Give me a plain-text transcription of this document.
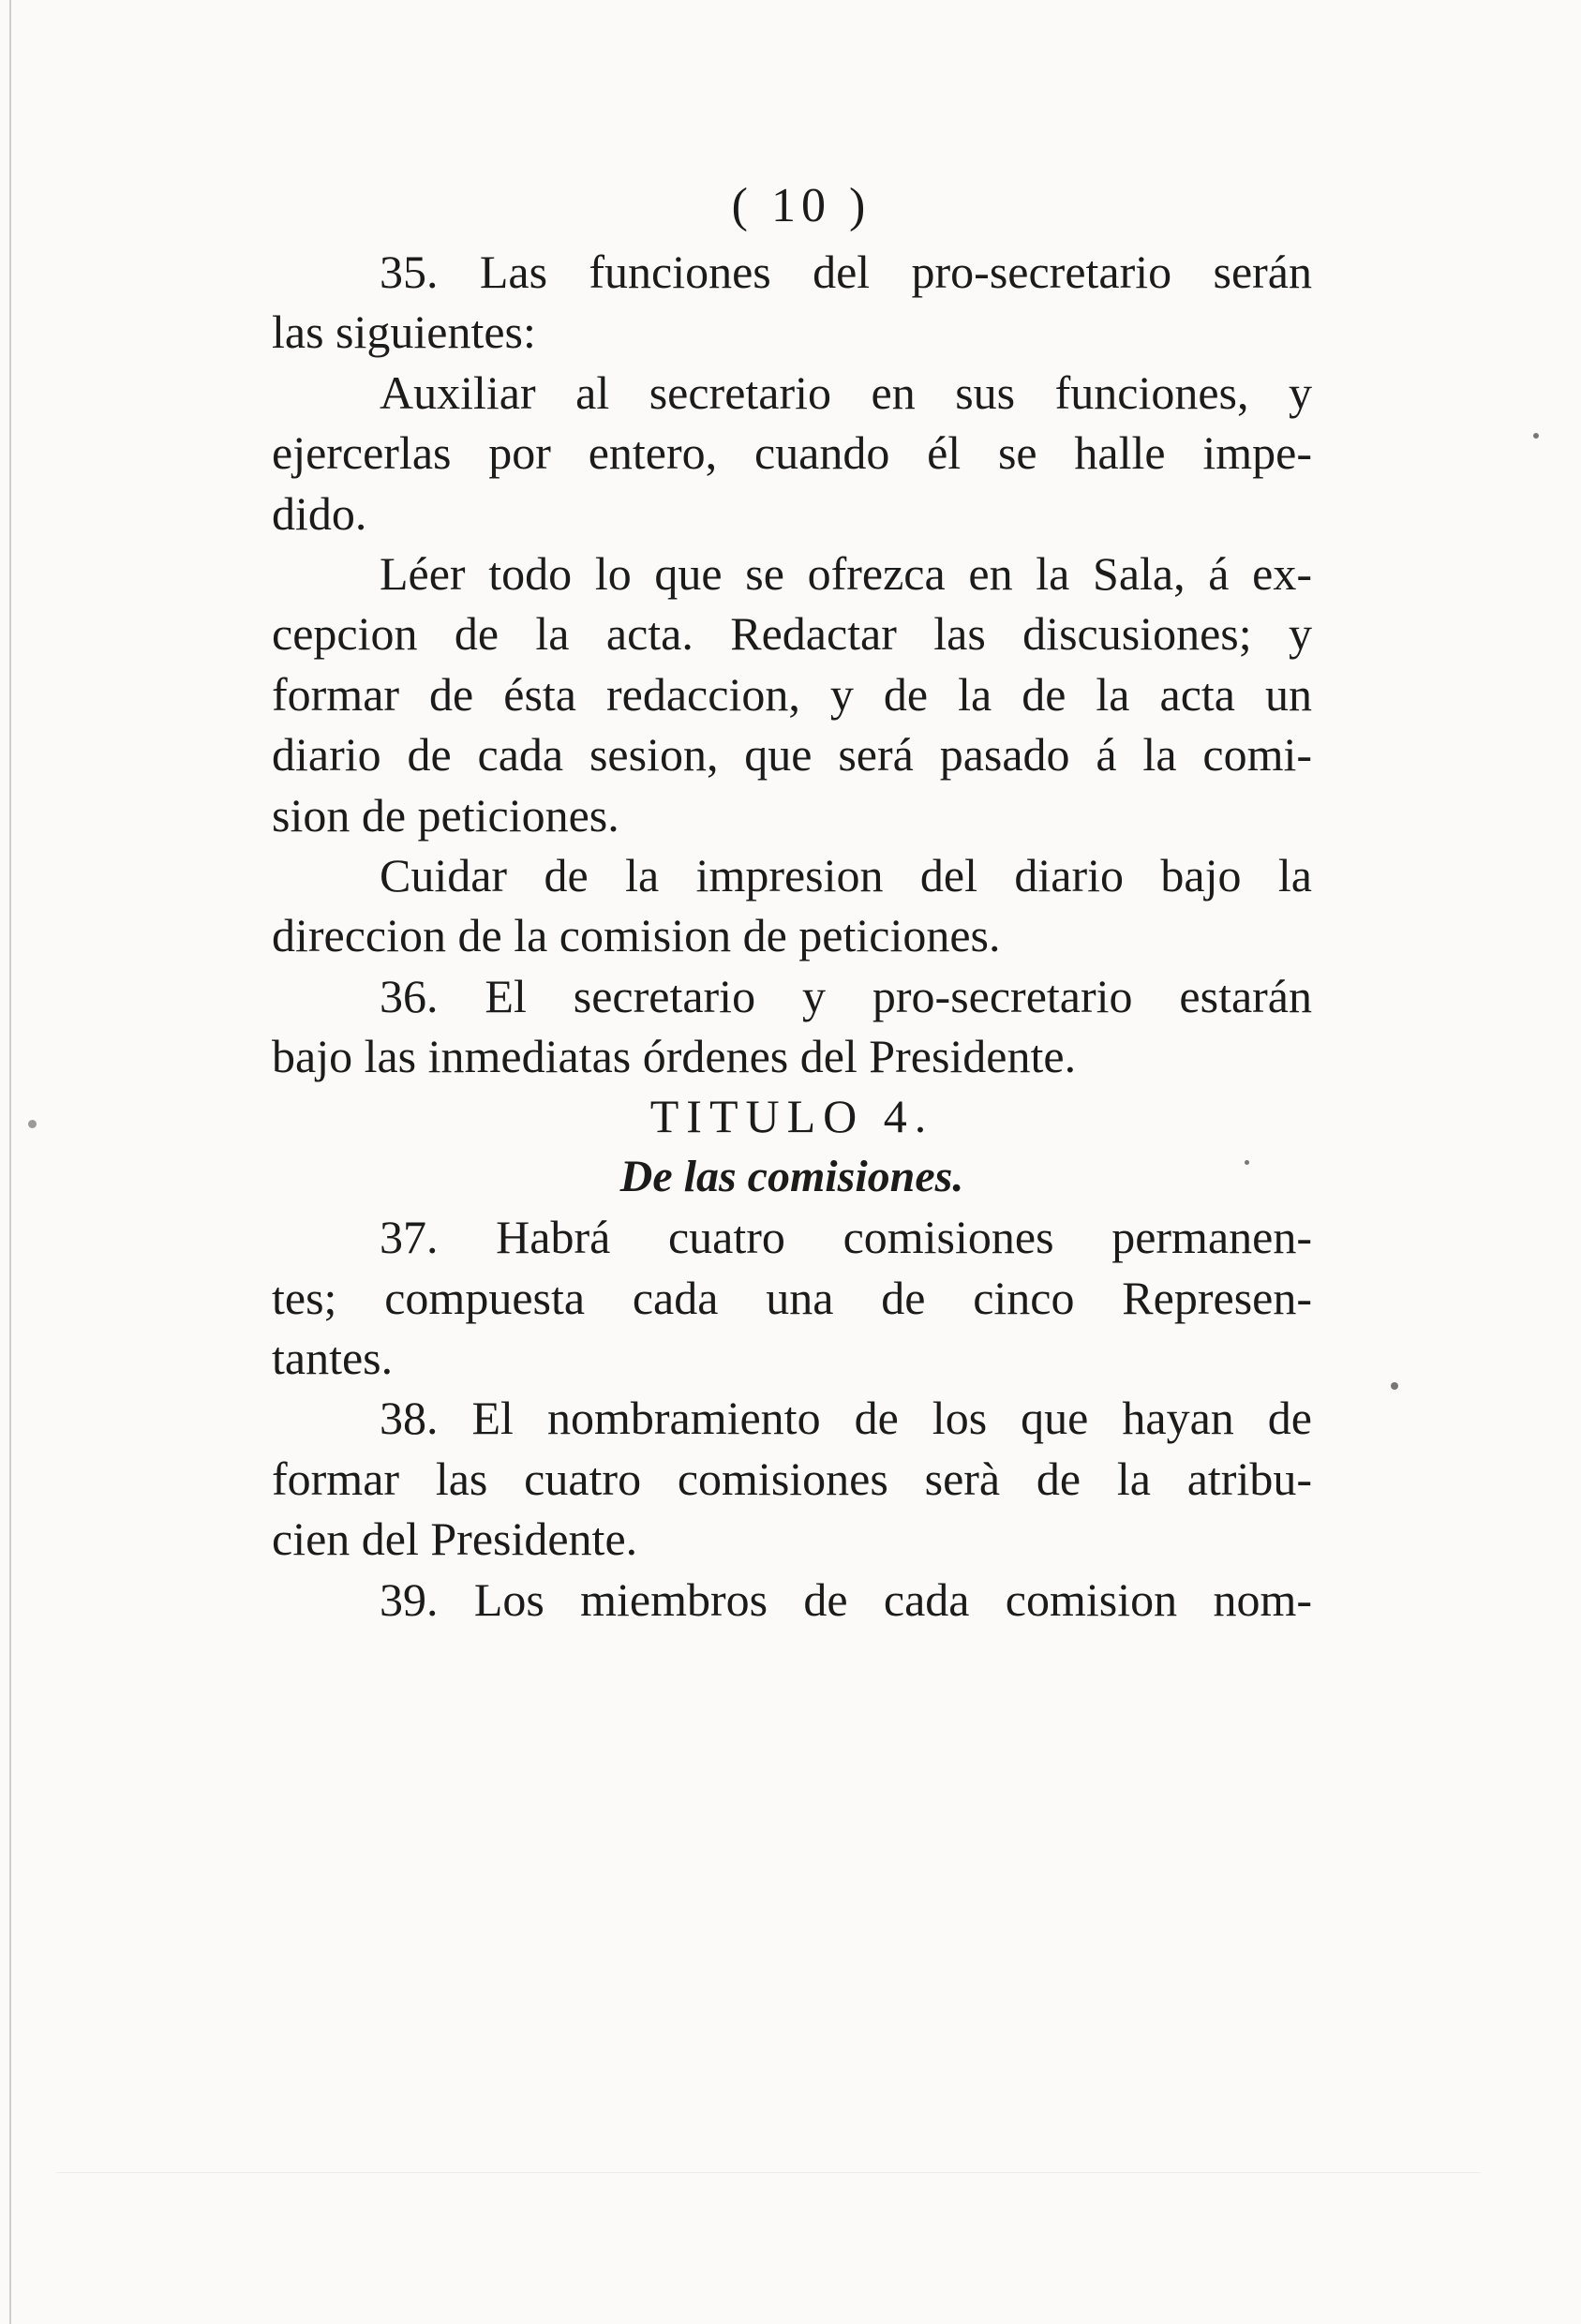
( 10 )
35. Las funciones del pro-secretario serán
las siguientes:
Auxiliar al secretario en sus funciones, y
ejercerlas por entero, cuando él se halle impe-
dido.
Léer todo lo que se ofrezca en la Sala, á ex-
cepcion de la acta. Redactar las discusiones; y
formar de ésta redaccion, y de la de la acta un
diario de cada sesion, que será pasado á la comi-
sion de peticiones.
Cuidar de la impresion del diario bajo la
direccion de la comision de peticiones.
36. El secretario y pro-secretario estarán
bajo las inmediatas órdenes del Presidente.
TITULO 4.
De las comisiones.
37. Habrá cuatro comisiones permanen-
tes; compuesta cada una de cinco Represen-
tantes.
38. El nombramiento de los que hayan de
formar las cuatro comisiones serà de la atribu-
cien del Presidente.
39. Los miembros de cada comision nom-
